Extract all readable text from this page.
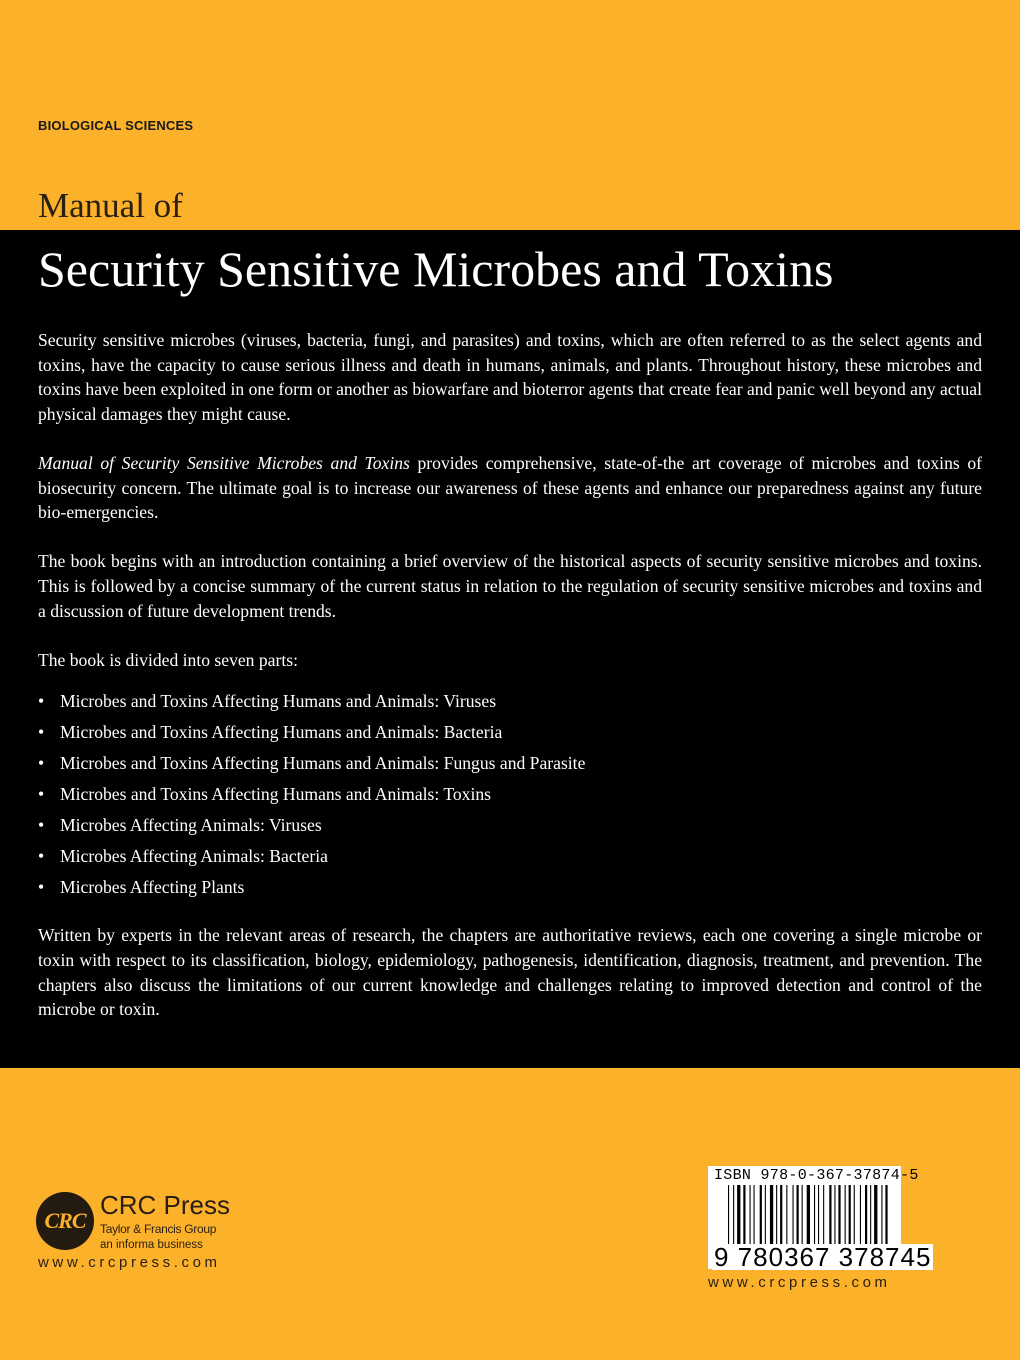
BIOLOGICAL SCIENCES
Manual of
Security Sensitive Microbes and Toxins

Security sensitive microbes (viruses, bacteria, fungi, and parasites) and toxins, which are often referred to as the select agents and toxins, have the capacity to cause serious illness and death in humans, animals, and plants. Throughout history, these microbes and toxins have been exploited in one form or another as biowarfare and bioterror agents that create fear and panic well beyond any actual physical damages they might cause.

Manual of Security Sensitive Microbes and Toxins provides comprehensive, state-of-the art coverage of microbes and toxins of biosecurity concern. The ultimate goal is to increase our awareness of these agents and enhance our preparedness against any future bio-emergencies.

The book begins with an introduction containing a brief overview of the historical aspects of security sensitive microbes and toxins. This is followed by a concise summary of the current status in relation to the regulation of security sensitive microbes and toxins and a discussion of future development trends.

The book is divided into seven parts:

• Microbes and Toxins Affecting Humans and Animals: Viruses
• Microbes and Toxins Affecting Humans and Animals: Bacteria
• Microbes and Toxins Affecting Humans and Animals: Fungus and Parasite
• Microbes and Toxins Affecting Humans and Animals: Toxins
• Microbes Affecting Animals: Viruses
• Microbes Affecting Animals: Bacteria
• Microbes Affecting Plants

Written by experts in the relevant areas of research, the chapters are authoritative reviews, each one covering a single microbe or toxin with respect to its classification, biology, epidemiology, pathogenesis, identification, diagnosis, treatment, and prevention. The chapters also discuss the limitations of our current knowledge and challenges relating to improved detection and control of the microbe or toxin.

CRC
CRC Press
Taylor & Francis Group
an informa business
www.crcpress.com
ISBN 978-0-367-37874-5
9 780367 378745
www.crcpress.com
